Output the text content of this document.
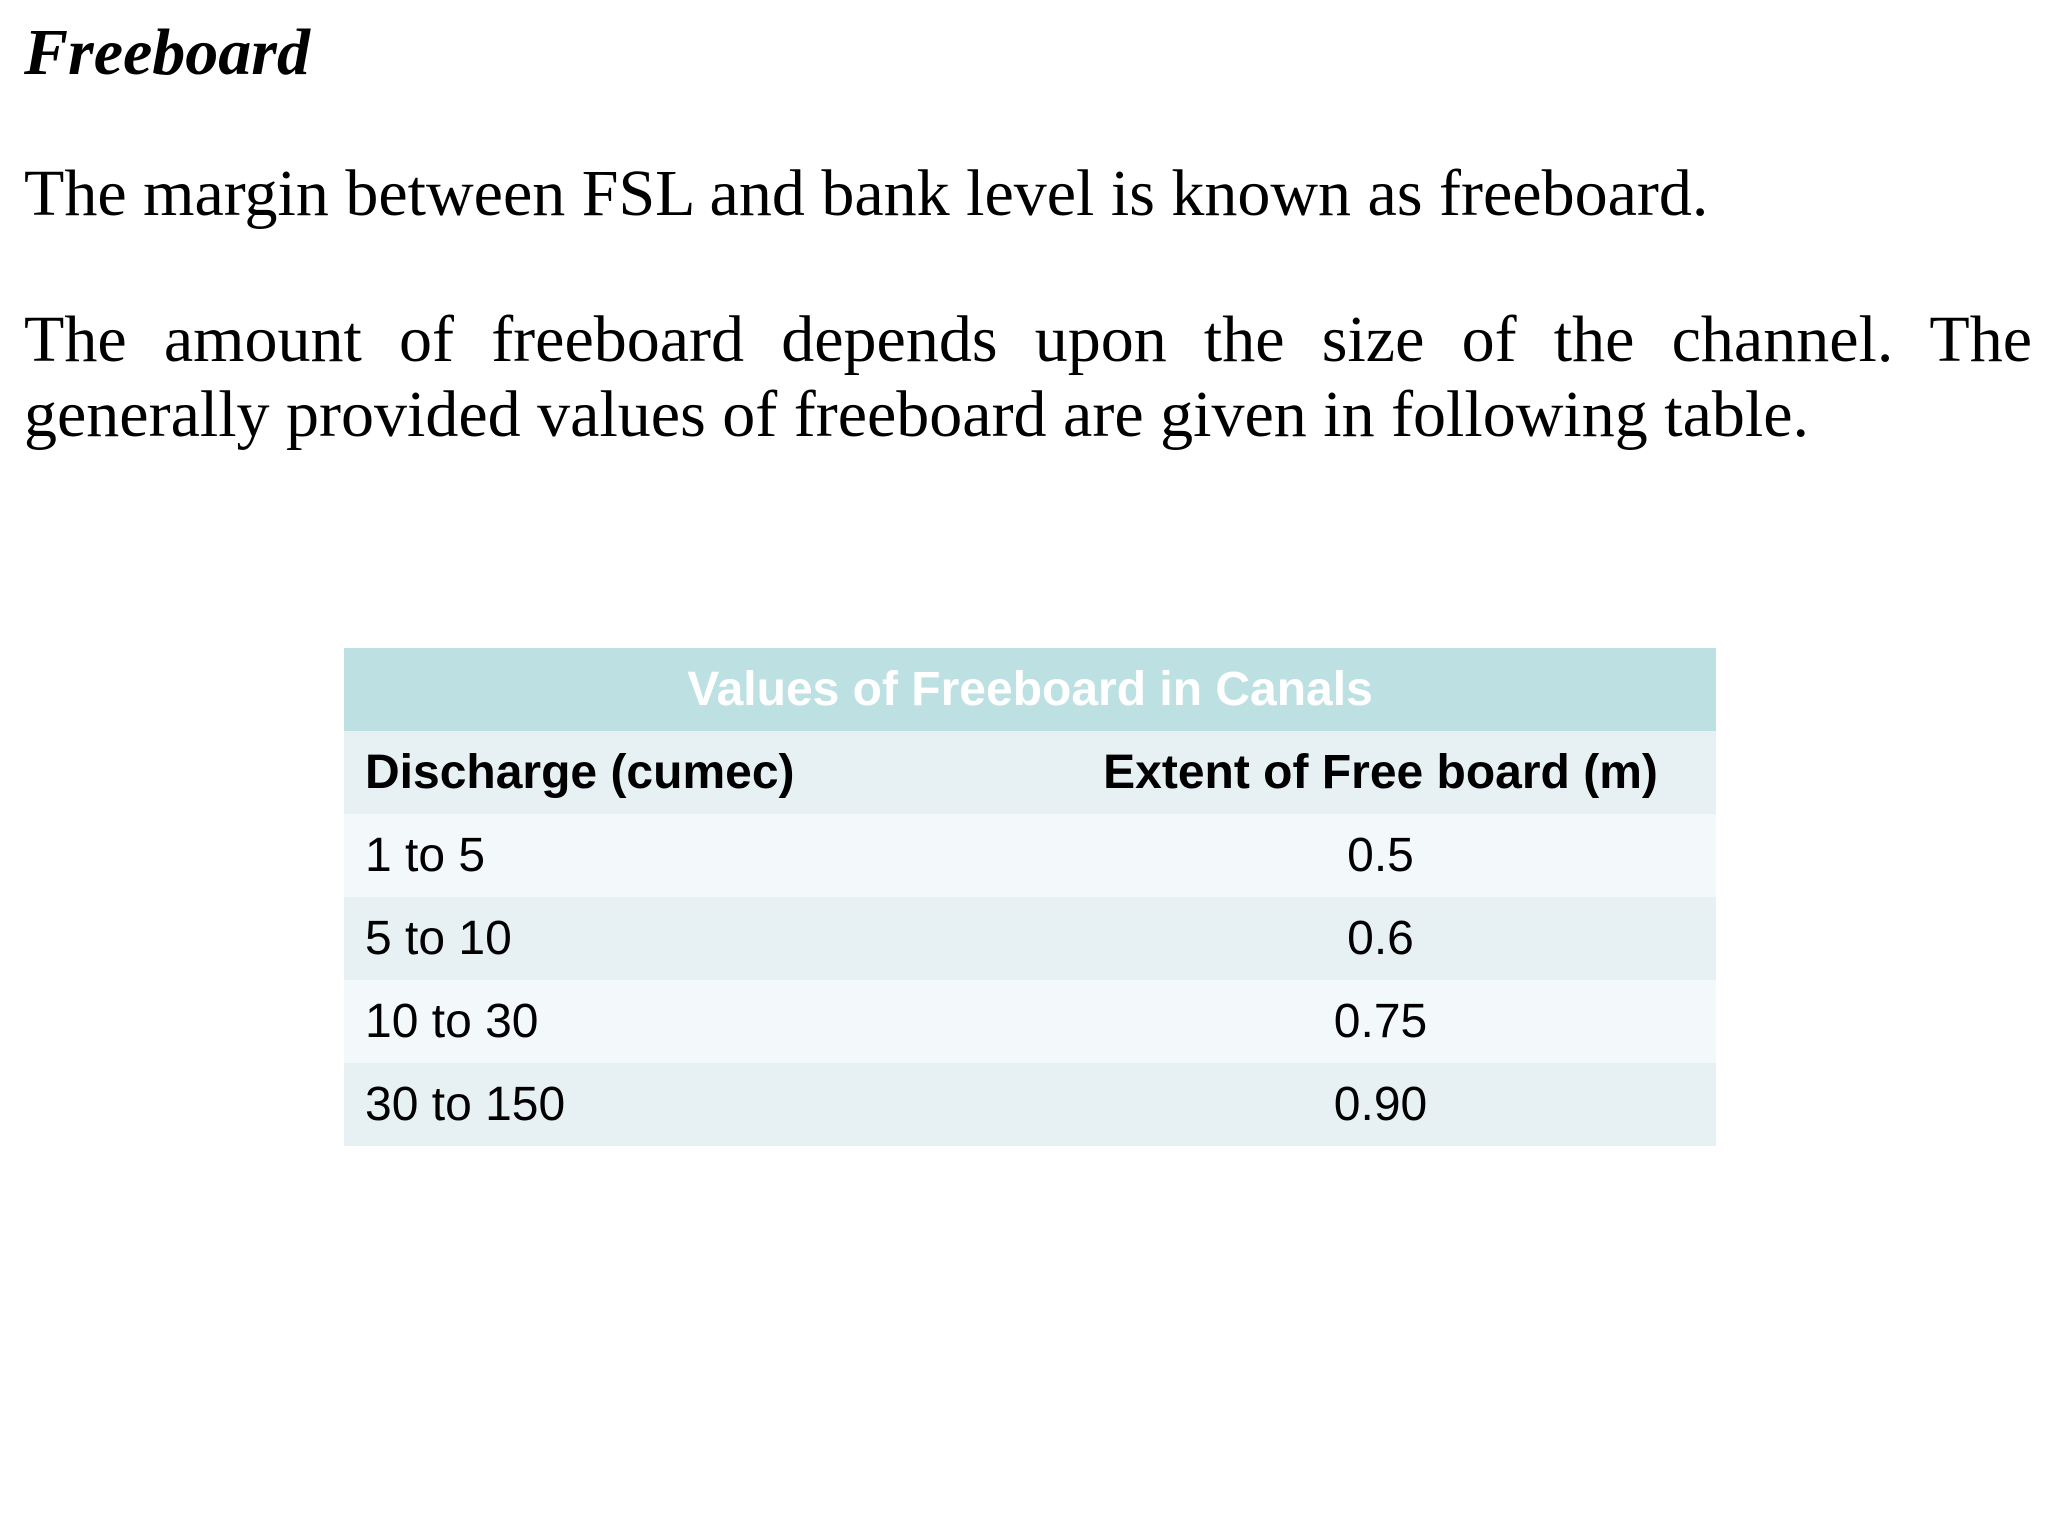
Freeboard

The margin between FSL and bank level is known as freeboard.

The amount of freeboard depends upon the size of the channel. The generally provided values of freeboard are given in following table.

Values of Freeboard in Canals	
Discharge (cumec)	Extent of Free board (m)
1 to 5	0.5
5 to 10	0.6
10 to 30	0.75
30 to 150	0.90
